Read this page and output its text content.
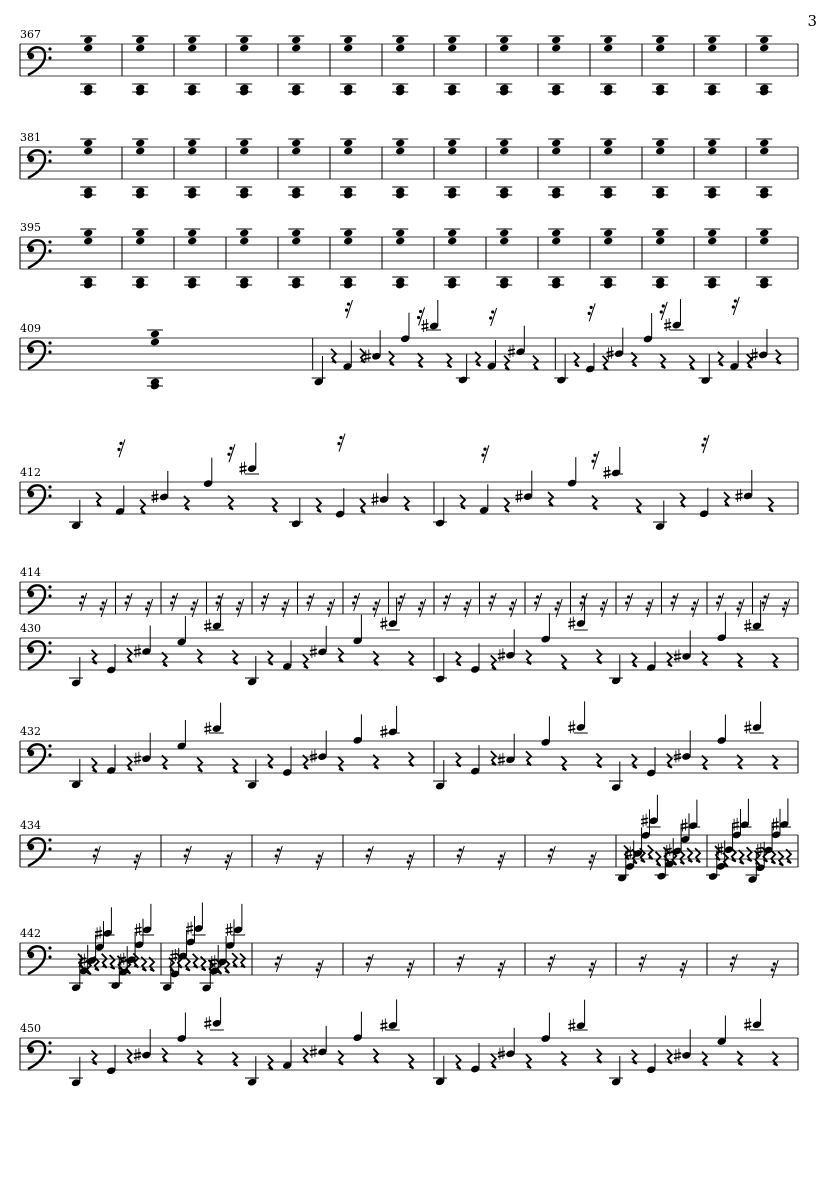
3
367
381
395
409
412
414
430
432
434
442
450
